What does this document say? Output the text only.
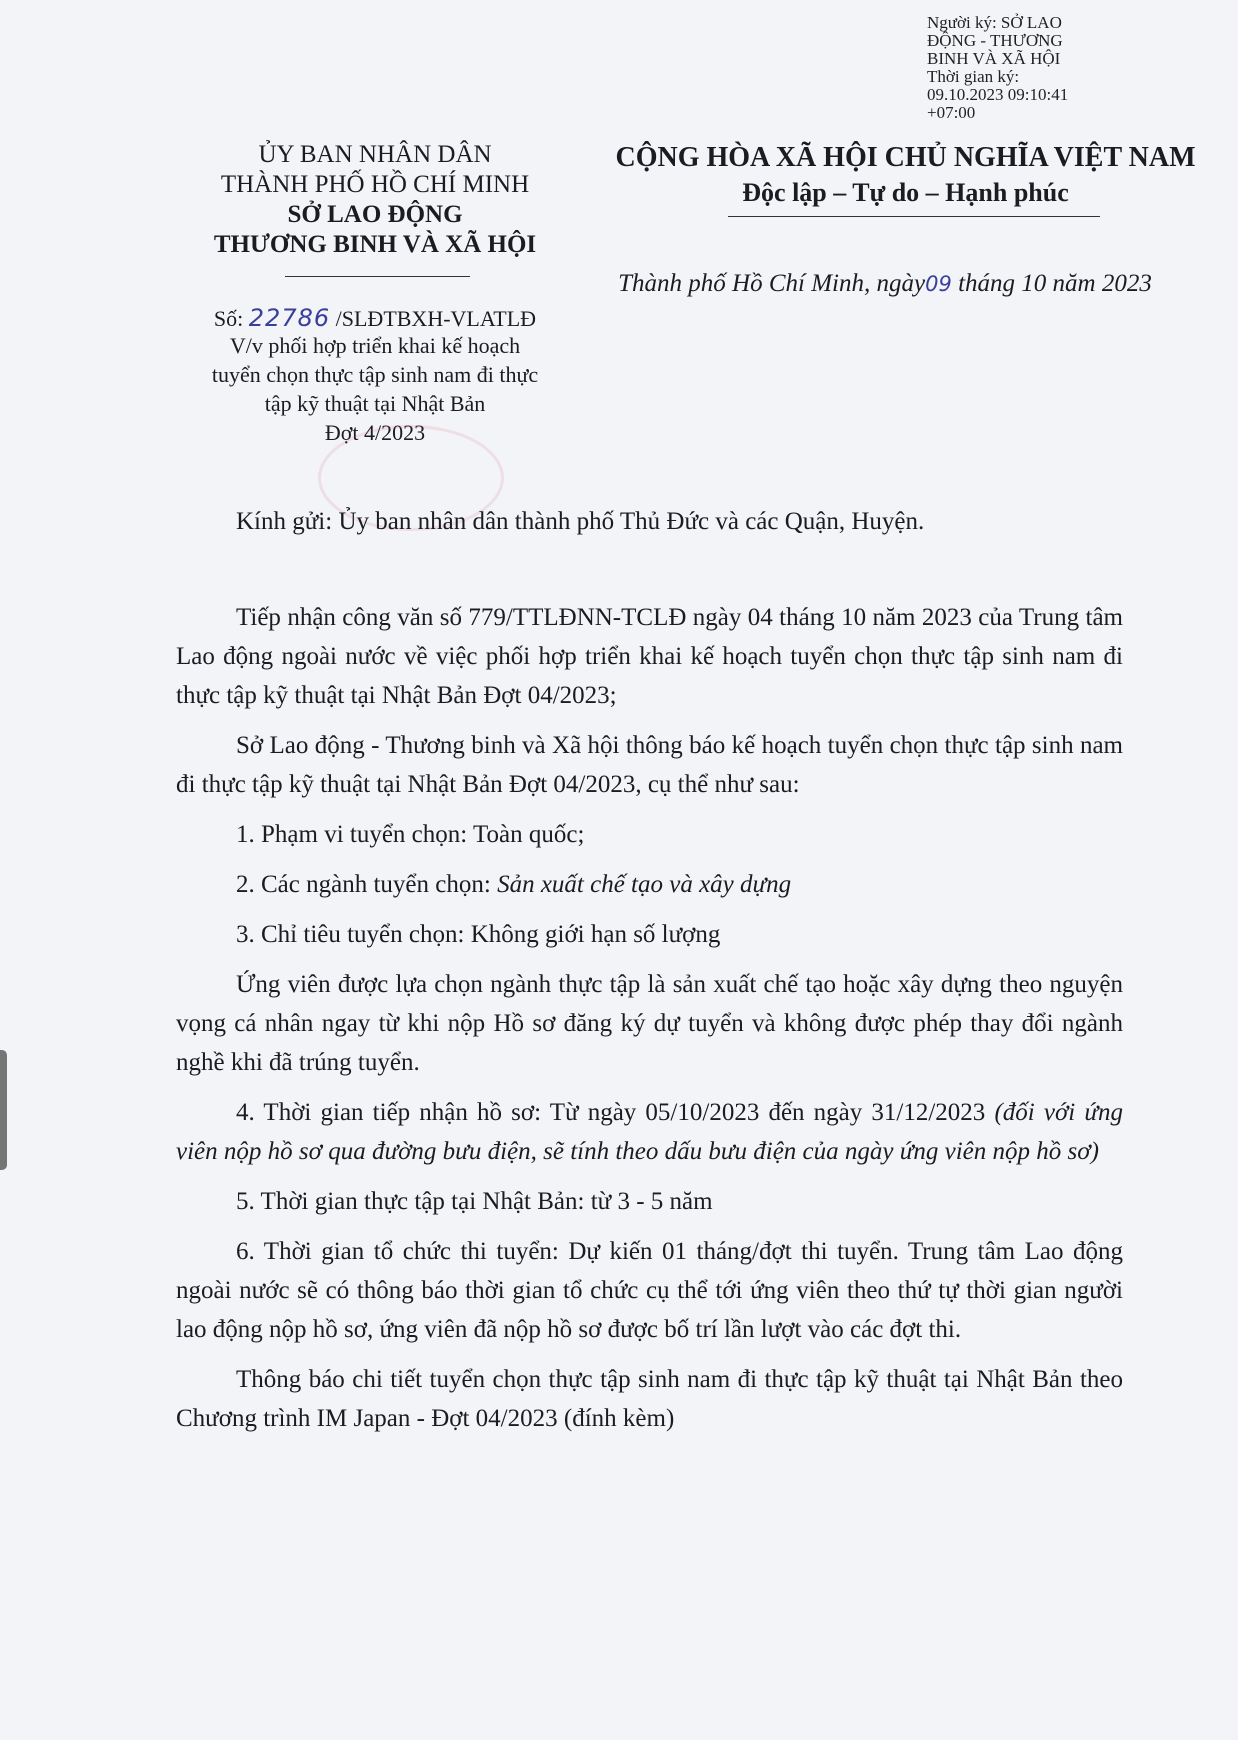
Người ký: SỞ LAO
ĐỘNG - THƯƠNG
BINH VÀ XÃ HỘI
Thời gian ký:
09.10.2023 09:10:41
+07:00
ỦY BAN NHÂN DÂN
THÀNH PHỐ HỒ CHÍ MINH
SỞ LAO ĐỘNG
THƯƠNG BINH VÀ XÃ HỘI
CỘNG HÒA XÃ HỘI CHỦ NGHĨA VIỆT NAM
Độc lập – Tự do – Hạnh phúc
Thành phố Hồ Chí Minh, ngày09 tháng 10 năm 2023
Số: 22786 /SLĐTBXH-VLATLĐ
V/v phối hợp triển khai kế hoạch
tuyển chọn thực tập sinh nam đi thực
tập kỹ thuật tại Nhật Bản
Đợt 4/2023
Kính gửi: Ủy ban nhân dân thành phố Thủ Đức và các Quận, Huyện.

Tiếp nhận công văn số 779/TTLĐNN-TCLĐ ngày 04 tháng 10 năm 2023 của Trung tâm Lao động ngoài nước về việc phối hợp triển khai kế hoạch tuyển chọn thực tập sinh nam đi thực tập kỹ thuật tại Nhật Bản Đợt 04/2023;

Sở Lao động - Thương binh và Xã hội thông báo kế hoạch tuyển chọn thực tập sinh nam đi thực tập kỹ thuật tại Nhật Bản Đợt 04/2023, cụ thể như sau:

1. Phạm vi tuyển chọn: Toàn quốc;

2. Các ngành tuyển chọn: Sản xuất chế tạo và xây dựng

3. Chỉ tiêu tuyển chọn: Không giới hạn số lượng

Ứng viên được lựa chọn ngành thực tập là sản xuất chế tạo hoặc xây dựng theo nguyện vọng cá nhân ngay từ khi nộp Hồ sơ đăng ký dự tuyển và không được phép thay đổi ngành nghề khi đã trúng tuyển.

4. Thời gian tiếp nhận hồ sơ: Từ ngày 05/10/2023 đến ngày 31/12/2023 (đối với ứng viên nộp hồ sơ qua đường bưu điện, sẽ tính theo dấu bưu điện của ngày ứng viên nộp hồ sơ)

5. Thời gian thực tập tại Nhật Bản: từ 3 - 5 năm

6. Thời gian tổ chức thi tuyển: Dự kiến 01 tháng/đợt thi tuyển. Trung tâm Lao động ngoài nước sẽ có thông báo thời gian tổ chức cụ thể tới ứng viên theo thứ tự thời gian người lao động nộp hồ sơ, ứng viên đã nộp hồ sơ được bố trí lần lượt vào các đợt thi.

Thông báo chi tiết tuyển chọn thực tập sinh nam đi thực tập kỹ thuật tại Nhật Bản theo Chương trình IM Japan - Đợt 04/2023 (đính kèm)
